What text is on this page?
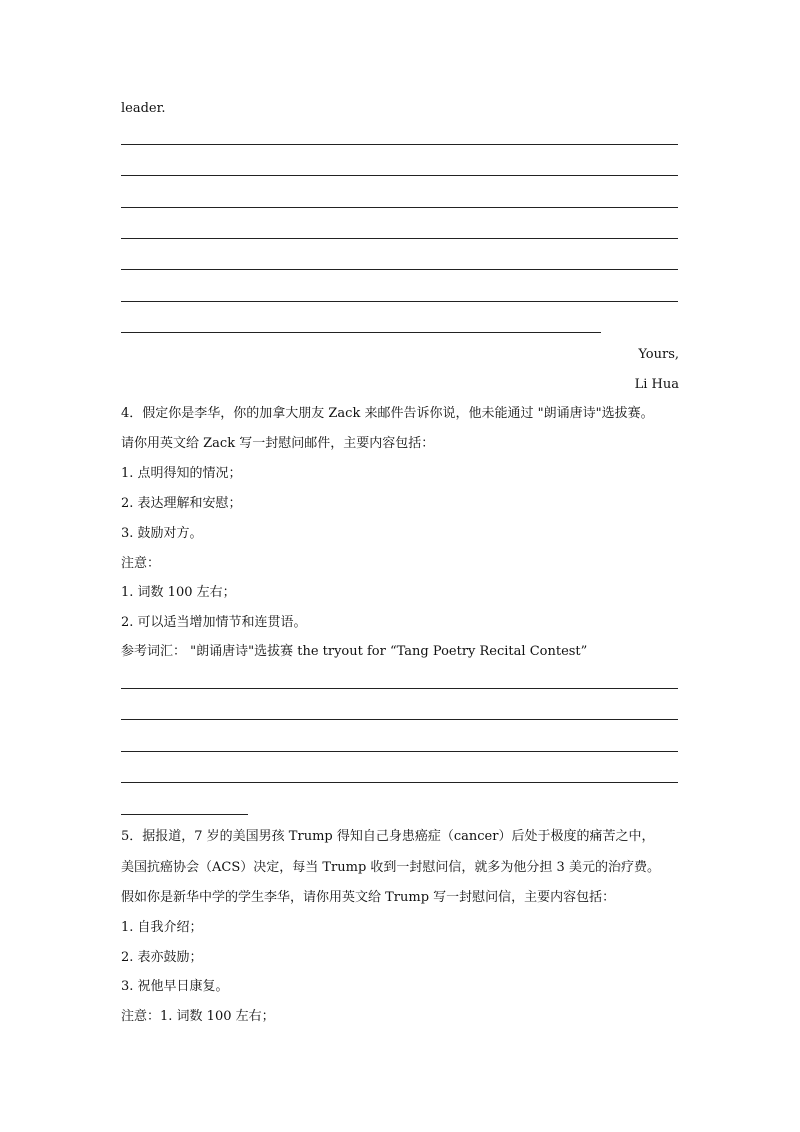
leader.
Yours,
Li Hua
4．假定你是李华，你的加拿大朋友 Zack 来邮件告诉你说，他未能通过 "朗诵唐诗"选拔赛。
请你用英文给 Zack 写一封慰问邮件，主要内容包括：
1. 点明得知的情况；
2. 表达理解和安慰；
3. 鼓励对方。
注意：
1. 词数 100 左右；
2. 可以适当增加情节和连贯语。
参考词汇： "朗诵唐诗"选拔赛 the tryout for “Tang Poetry Recital Contest”
5．据报道，7 岁的美国男孩 Trump 得知自己身患癌症（cancer）后处于极度的痛苦之中，
美国抗癌协会（ACS）决定，每当 Trump 收到一封慰问信，就多为他分担 3 美元的治疗费。
假如你是新华中学的学生李华，请你用英文给 Trump 写一封慰问信，主要内容包括：
1. 自我介绍；
2. 表亦鼓励；
3. 祝他早日康复。
注意：1. 词数 100 左右；
